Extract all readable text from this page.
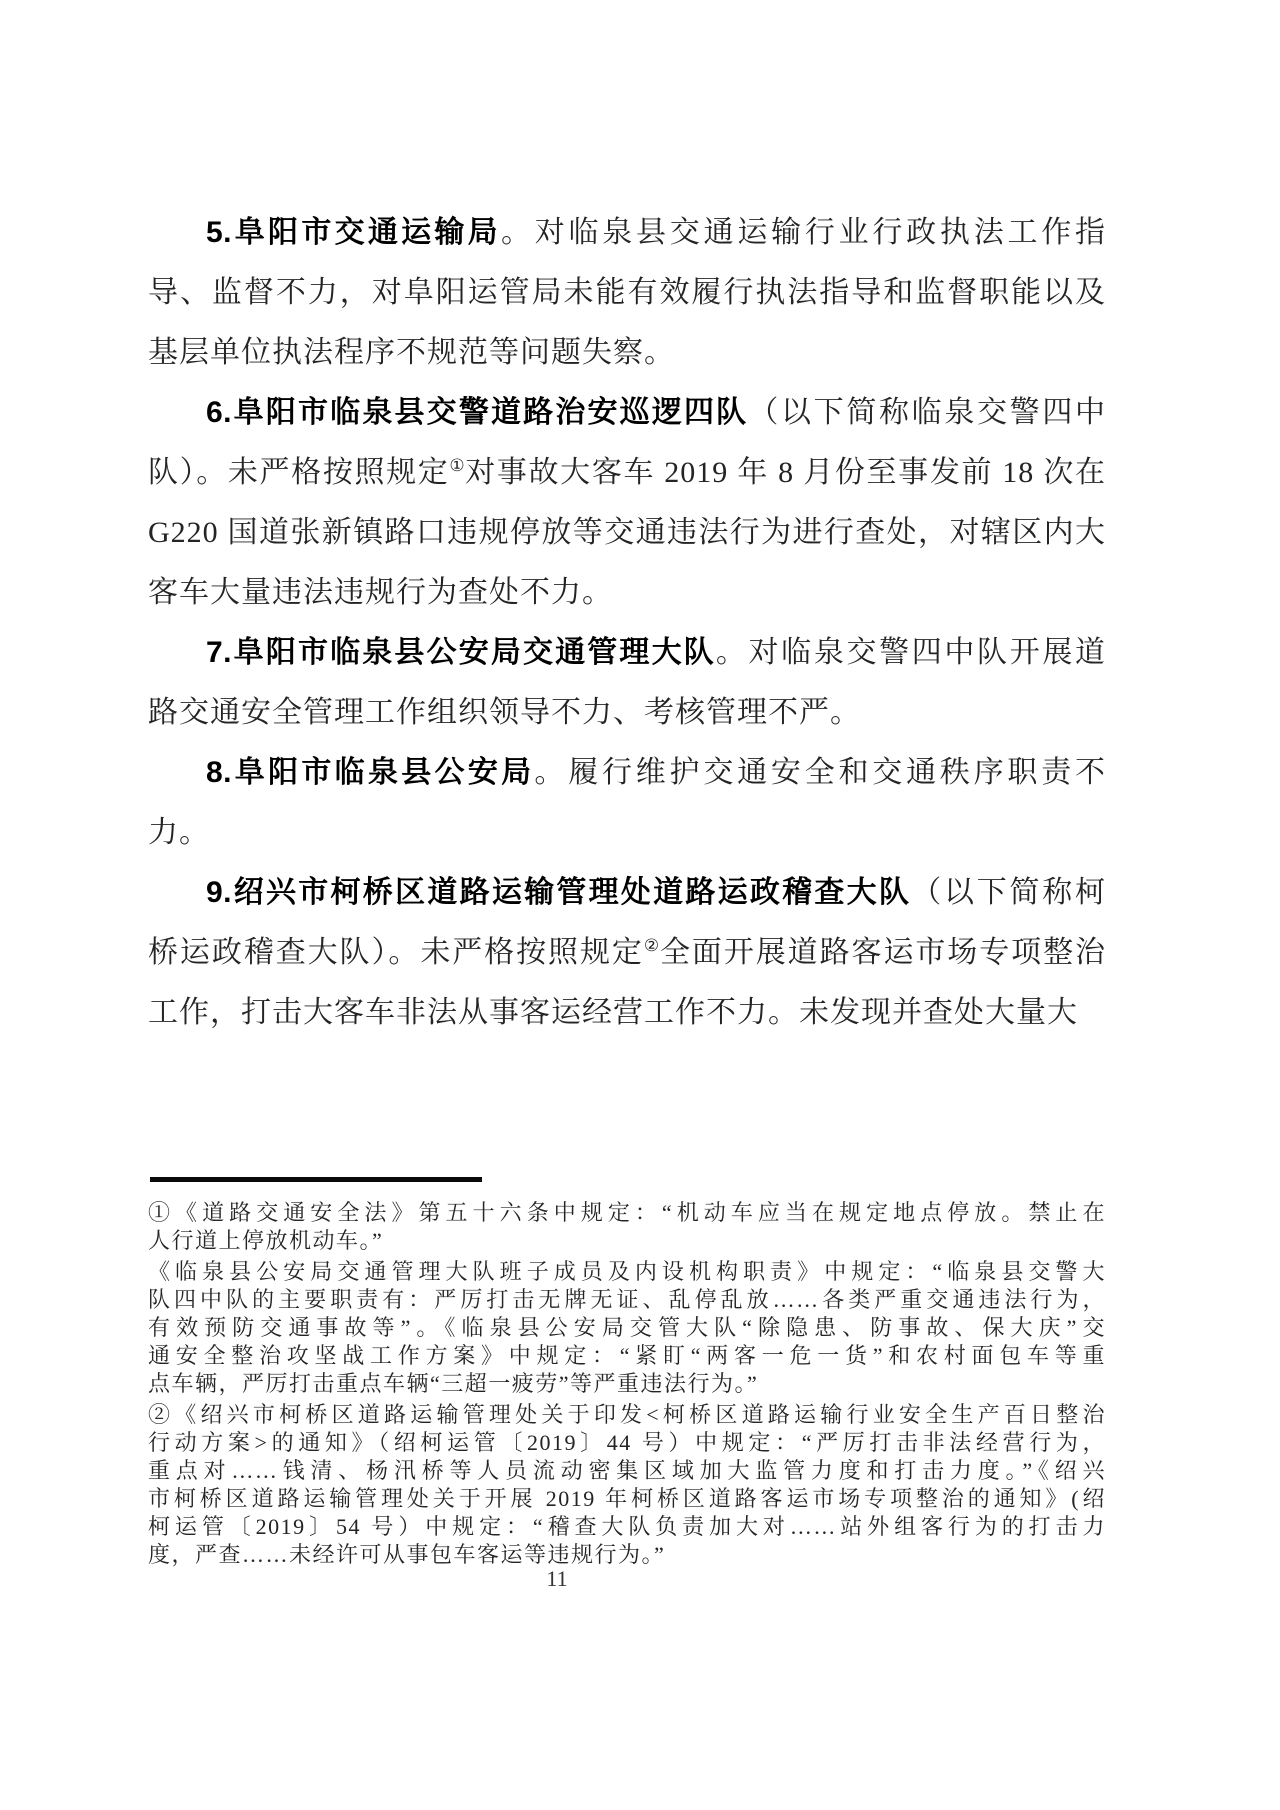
5.阜阳市交通运输局。对临泉县交通运输行业行政执法工作指
导、监督不力，对阜阳运管局未能有效履行执法指导和监督职能以及
基层单位执法程序不规范等问题失察。
6.阜阳市临泉县交警道路治安巡逻四队（以下简称临泉交警四中
队）。未严格按照规定①对事故大客车 2019 年 8 月份至事发前 18 次在
G220 国道张新镇路口违规停放等交通违法行为进行查处，对辖区内大
客车大量违法违规行为查处不力。
7.阜阳市临泉县公安局交通管理大队。对临泉交警四中队开展道
路交通安全管理工作组织领导不力、考核管理不严。
8.阜阳市临泉县公安局。履行维护交通安全和交通秩序职责不
力。
9.绍兴市柯桥区道路运输管理处道路运政稽查大队（以下简称柯
桥运政稽查大队）。未严格按照规定②全面开展道路客运市场专项整治
工作，打击大客车非法从事客运经营工作不力。未发现并查处大量大
①《道路交通安全法》第五十六条中规定：“机动车应当在规定地点停放。禁止在
人行道上停放机动车。”
《临泉县公安局交通管理大队班子成员及内设机构职责》中规定：“临泉县交警大
队四中队的主要职责有：严厉打击无牌无证、乱停乱放……各类严重交通违法行为，
有效预防交通事故等”。《临泉县公安局交管大队“除隐患、防事故、保大庆”交
通安全整治攻坚战工作方案》中规定：“紧盯“两客一危一货”和农村面包车等重
点车辆，严厉打击重点车辆“三超一疲劳”等严重违法行为。”
②《绍兴市柯桥区道路运输管理处关于印发<柯桥区道路运输行业安全生产百日整治
行动方案>的通知》（绍柯运管〔2019〕44 号）中规定：“严厉打击非法经营行为，
重点对……钱清、杨汛桥等人员流动密集区域加大监管力度和打击力度。”《绍兴
市柯桥区道路运输管理处关于开展 2019 年柯桥区道路客运市场专项整治的通知》(绍
柯运管〔2019〕54 号）中规定：“稽查大队负责加大对……站外组客行为的打击力
度，严查……未经许可从事包车客运等违规行为。”
11
